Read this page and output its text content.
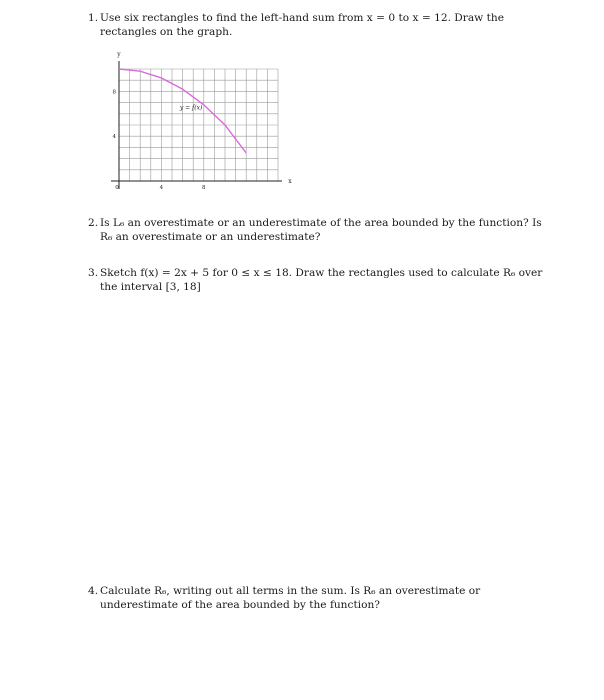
1. Use six rectangles to find the left-hand sum from x = 0 to x = 12. Draw the rectangles on the graph.
x
y
0	4	8
4
8
y = f(x)
2. Is L₆ an overestimate or an underestimate of the area bounded by the function? Is R₆ an overestimate or an underestimate?
3. Sketch f(x) = 2x + 5 for 0 ≤ x ≤ 18. Draw the rectangles used to calculate R₆ over the interval [3, 18]
4. Calculate R₆, writing out all terms in the sum. Is R₆ an overestimate or underestimate of the area bounded by the function?
